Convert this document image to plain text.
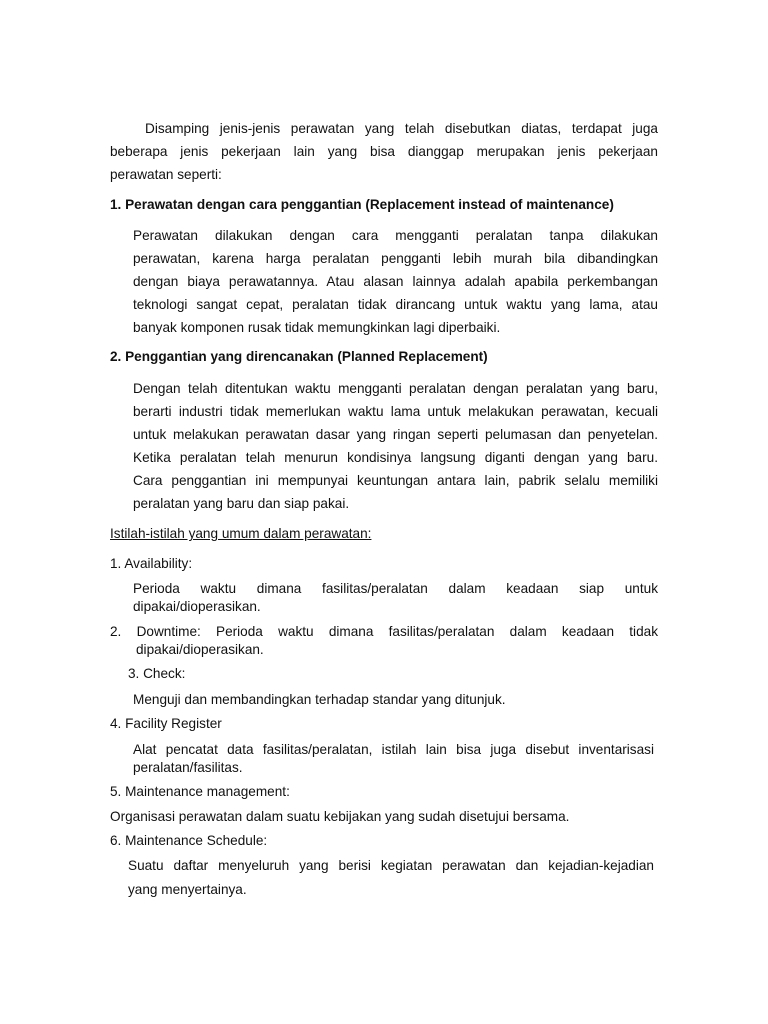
Disamping jenis-jenis perawatan yang telah disebutkan diatas, terdapat juga

beberapa jenis pekerjaan lain yang bisa dianggap merupakan jenis pekerjaan

perawatan seperti:

1. Perawatan dengan cara penggantian (Replacement instead of maintenance)

Perawatan dilakukan dengan cara mengganti peralatan tanpa dilakukan

perawatan, karena harga peralatan pengganti lebih murah bila dibandingkan

dengan biaya perawatannya. Atau alasan lainnya adalah apabila perkembangan

teknologi sangat cepat, peralatan tidak dirancang untuk waktu yang lama, atau

banyak komponen rusak tidak memungkinkan lagi diperbaiki.

2. Penggantian yang direncanakan (Planned Replacement)

Dengan telah ditentukan waktu mengganti peralatan dengan peralatan yang baru,

berarti industri tidak memerlukan waktu lama untuk melakukan perawatan, kecuali

untuk melakukan perawatan dasar yang ringan seperti pelumasan dan penyetelan.

Ketika peralatan telah menurun kondisinya langsung diganti dengan yang baru.

Cara penggantian ini mempunyai keuntungan antara lain, pabrik selalu memiliki

peralatan yang baru dan siap pakai.

Istilah-istilah yang umum dalam perawatan:

1. Availability:

Perioda waktu dimana fasilitas/peralatan dalam keadaan siap untuk

dipakai/dioperasikan.

2. Downtime: Perioda waktu dimana fasilitas/peralatan dalam keadaan tidak

dipakai/dioperasikan.

3. Check:

Menguji dan membandingkan terhadap standar yang ditunjuk.

4. Facility Register

Alat pencatat data fasilitas/peralatan, istilah lain bisa juga disebut inventarisasi

peralatan/fasilitas.

5. Maintenance management:

Organisasi perawatan dalam suatu kebijakan yang sudah disetujui bersama.

6. Maintenance Schedule:

Suatu daftar menyeluruh yang berisi kegiatan perawatan dan kejadian-kejadian

yang menyertainya.
